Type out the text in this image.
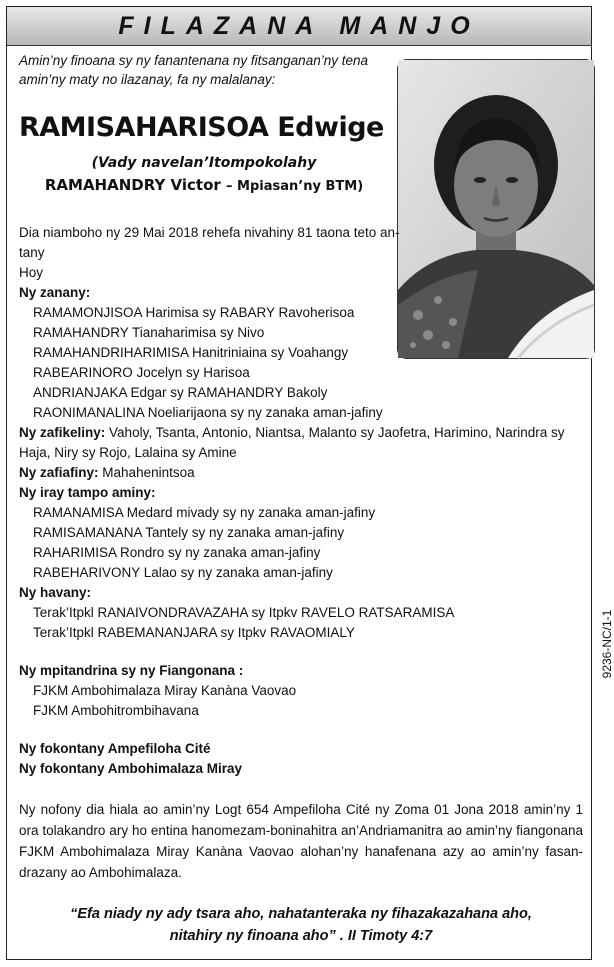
FILAZANA MANJO
Amin’ny finoana sy ny fanantenana ny fitsanganan’ny tena amin’ny maty no ilazanay, fa ny malalanay:
RAMISAHARISOA Edwige
(Vady navelan’Itompokolahy
RAMAHANDRY Victor – Mpiasan’ny BTM)
Dia niamboho ny 29 Mai 2018 rehefa nivahiny 81 taona teto an-tany
Hoy
Ny zanany:
RAMAMONJISOA Harimisa sy RABARY Ravoherisoa
RAMAHANDRY Tianaharimisa sy Nivo
RAMAHANDRIHARIMISA Hanitriniaina sy Voahangy
RABEARINORO Jocelyn sy Harisoa
ANDRIANJAKA Edgar sy RAMAHANDRY Bakoly
RAONIMANALINA Noeliarijaona sy ny zanaka aman-jafiny
Ny zafikeliny: Vaholy, Tsanta, Antonio, Niantsa, Malanto sy Jaofetra, Harimino, Narindra sy Haja, Niry sy Rojo, Lalaina sy Amine
Ny zafiafiny: Mahahenintsoa
Ny iray tampo aminy:
RAMANAMISA Medard mivady sy ny zanaka aman-jafiny
RAMISAMANANA Tantely sy ny zanaka aman-jafiny
RAHARIMISA Rondro sy ny zanaka aman-jafiny
RABEHARIVONY Lalao sy ny zanaka aman-jafiny
Ny havany:
Terak’Itpkl RANAIVONDRAVAZAHA sy Itpkv RAVELO RATSARAMISA
Terak’Itpkl RABEMANANJARA sy Itpkv RAVAOMIALY
Ny mpitandrina sy ny Fiangonana :
FJKM Ambohimalaza Miray Kanàna Vaovao
FJKM Ambohitrombihavana
Ny fokontany Ampefiloha Cité
Ny fokontany Ambohimalaza Miray
Ny nofony dia hiala ao amin’ny Logt 654 Ampefiloha Cité ny Zoma 01 Jona 2018 amin’ny 1 ora tolakandro ary ho entina hanomezam-boninahitra an’Andriamanitra ao amin’ny fiangonana FJKM Ambohimalaza Miray Kanàna Vaovao alohan’ny hanafenana azy ao amin’ny fasan-drazany ao Ambohimalaza.
“Efa niady ny ady tsara aho, nahatanteraka ny fihazakazahana aho,
nitahiry ny finoana aho” . II Timoty 4:7
9236-NC/1-1
